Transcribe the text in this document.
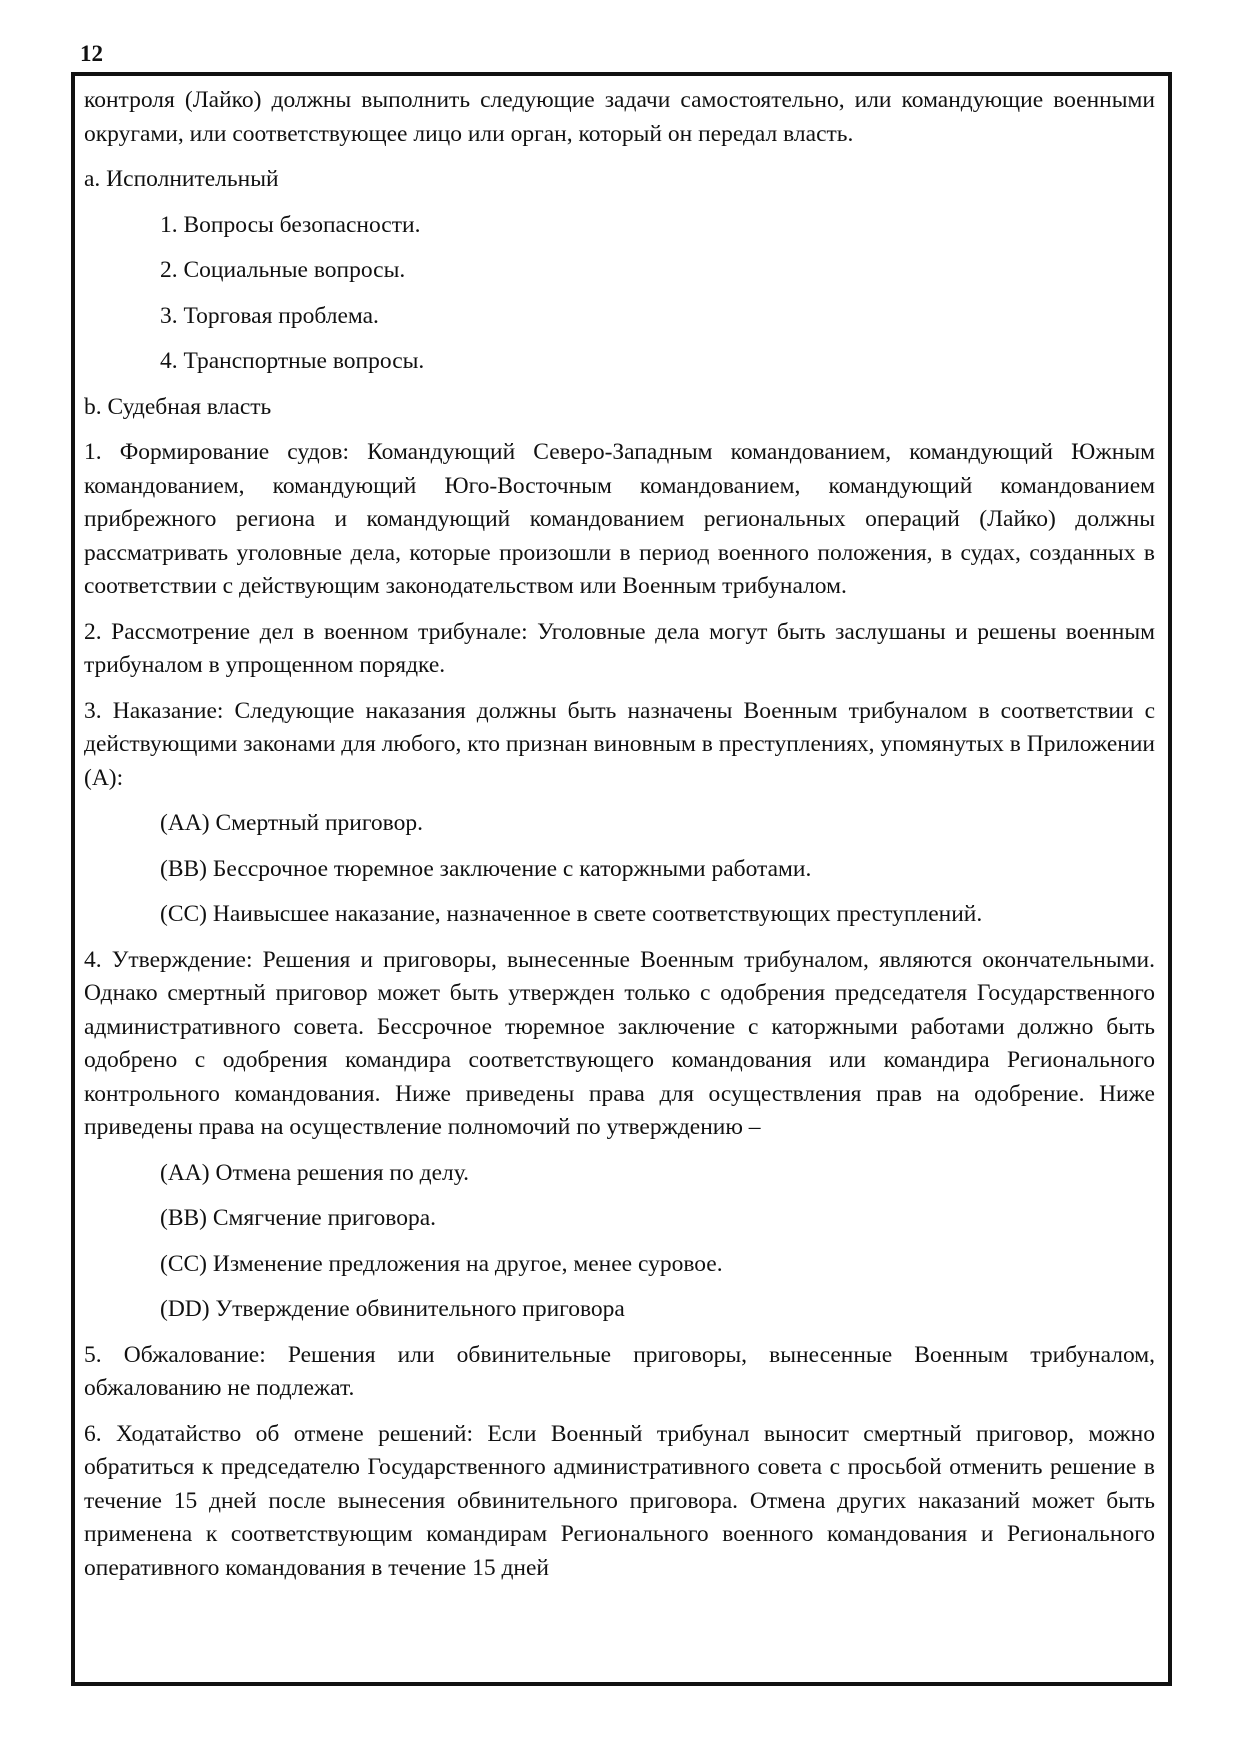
12

контроля (Лайко) должны выполнить следующие задачи самостоятельно, или командующие военными округами, или соответствующее лицо или орган, который он передал власть.

a. Исполнительный

1. Вопросы безопасности.

2. Социальные вопросы.

3. Торговая проблема.

4. Транспортные вопросы.

b. Судебная власть

1. Формирование судов: Командующий Северо-Западным командованием, командующий Южным командованием, командующий Юго-Восточным командованием, командующий командованием прибрежного региона и командующий командованием региональных операций (Лайко) должны рассматривать уголовные дела, которые произошли в период военного положения, в судах, созданных в соответствии с действующим законодательством или Военным трибуналом.

2. Рассмотрение дел в военном трибунале: Уголовные дела могут быть заслушаны и решены военным трибуналом в упрощенном порядке.

3. Наказание: Следующие наказания должны быть назначены Военным трибуналом в соответствии с действующими законами для любого, кто признан виновным в преступлениях, упомянутых в Приложении (A):

(AA) Смертный приговор.

(BB) Бессрочное тюремное заключение с каторжными работами.

(CC) Наивысшее наказание, назначенное в свете соответствующих преступлений.

4. Утверждение: Решения и приговоры, вынесенные Военным трибуналом, являются окончательными. Однако смертный приговор может быть утвержден только с одобрения председателя Государственного административного совета. Бессрочное тюремное заключение с каторжными работами должно быть одобрено с одобрения командира соответствующего командования или командира Регионального контрольного командования. Ниже приведены права для осуществления прав на одобрение. Ниже приведены права на осуществление полномочий по утверждению –

(AA) Отмена решения по делу.

(BB) Смягчение приговора.

(CC) Изменение предложения на другое, менее суровое.

(DD) Утверждение обвинительного приговора

5. Обжалование: Решения или обвинительные приговоры, вынесенные Военным трибуналом, обжалованию не подлежат.

6. Ходатайство об отмене решений: Если Военный трибунал выносит смертный приговор, можно обратиться к председателю Государственного административного совета с просьбой отменить решение в течение 15 дней после вынесения обвинительного приговора. Отмена других наказаний может быть применена к соответствующим командирам Регионального военного командования и Регионального оперативного командования в течение 15 дней
